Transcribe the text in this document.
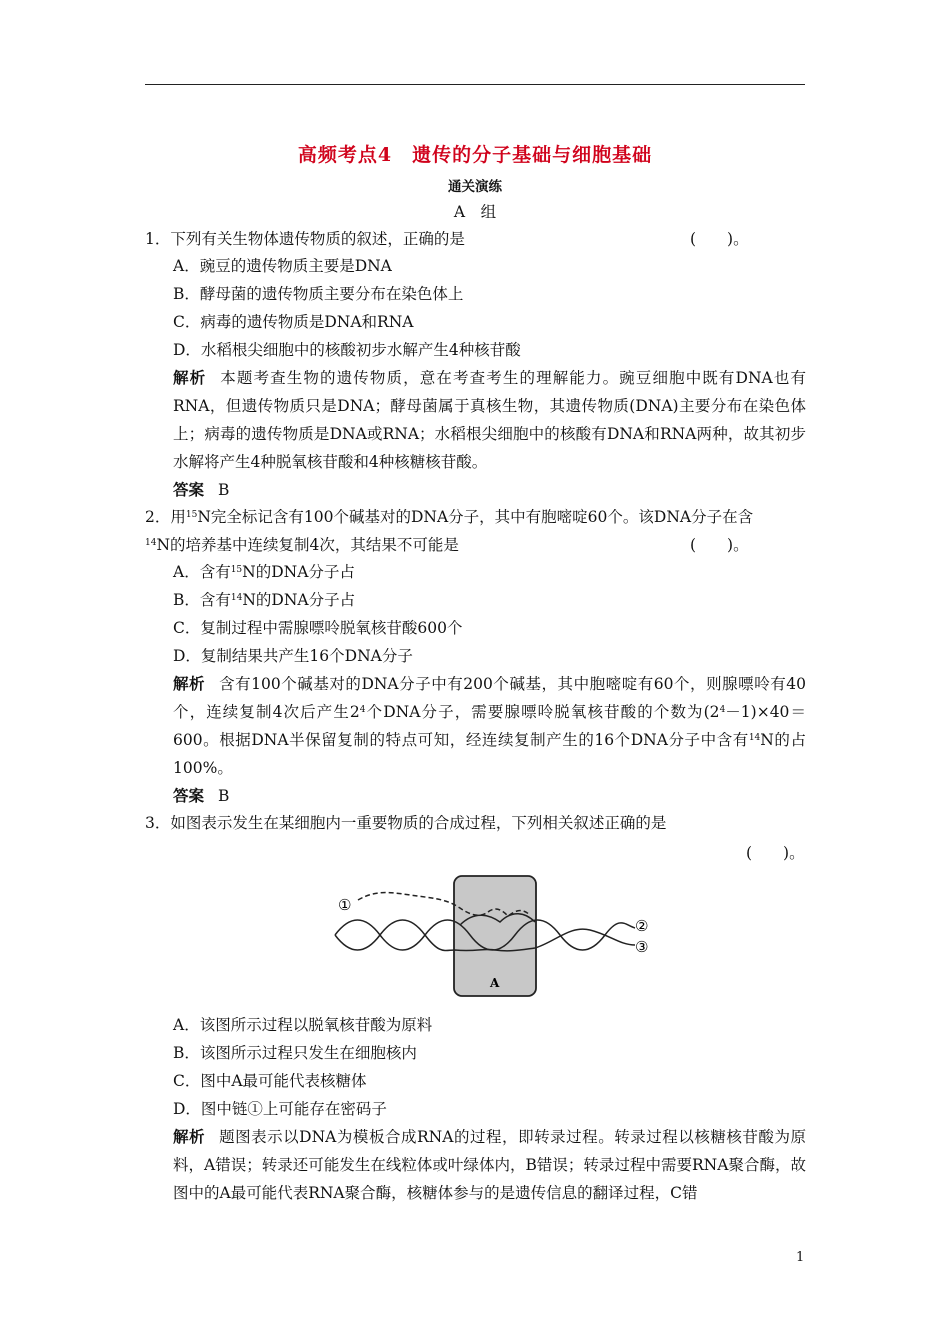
高频考点4　遗传的分子基础与细胞基础
通关演练
A　组
1．下列有关生物体遗传物质的叙述，正确的是	(　　)。
A．豌豆的遗传物质主要是DNA
B．酵母菌的遗传物质主要分布在染色体上
C．病毒的遗传物质是DNA和RNA
D．水稻根尖细胞中的核酸初步水解产生4种核苷酸
解析 本题考查生物的遗传物质，意在考查考生的理解能力。豌豆细胞中既有DNA也有RNA，但遗传物质只是DNA；酵母菌属于真核生物，其遗传物质(DNA)主要分布在染色体上；病毒的遗传物质是DNA或RNA；水稻根尖细胞中的核酸有DNA和RNA两种，故其初步水解将产生4种脱氧核苷酸和4种核糖核苷酸。
答案 B
2．用$^{15}$N完全标记含有100个碱基对的DNA分子，其中有胞嘧啶60个。该DNA分子在含
$^{14}$N的培养基中连续复制4次，其结果不可能是	(　　)。
A．含有$^{15}$N的DNA分子占
B．含有$^{14}$N的DNA分子占
C．复制过程中需腺嘌呤脱氧核苷酸600个
D．复制结果共产生16个DNA分子
解析 含有100个碱基对的DNA分子中有200个碱基，其中胞嘧啶有60个，则腺嘌呤有40个，连续复制4次后产生$2^4$个DNA分子，需要腺嘌呤脱氧核苷酸的个数为$(2^4-1)\times 40=600$。根据DNA半保留复制的特点可知，经连续复制产生的16个DNA分子中含有$^{14}$N的占100%。
答案 B
3．如图表示发生在某细胞内一重要物质的合成过程，下列相关叙述正确的是
(　　)。
①
②
③
A
A．该图所示过程以脱氧核苷酸为原料
B．该图所示过程只发生在细胞核内
C．图中A最可能代表核糖体
D．图中链①上可能存在密码子
解析 题图表示以DNA为模板合成RNA的过程，即转录过程。转录过程以核糖核苷酸为原料，A错误；转录还可能发生在线粒体或叶绿体内，B错误；转录过程中需要RNA聚合酶，故图中的A最可能代表RNA聚合酶，核糖体参与的是遗传信息的翻译过程，C错
1
